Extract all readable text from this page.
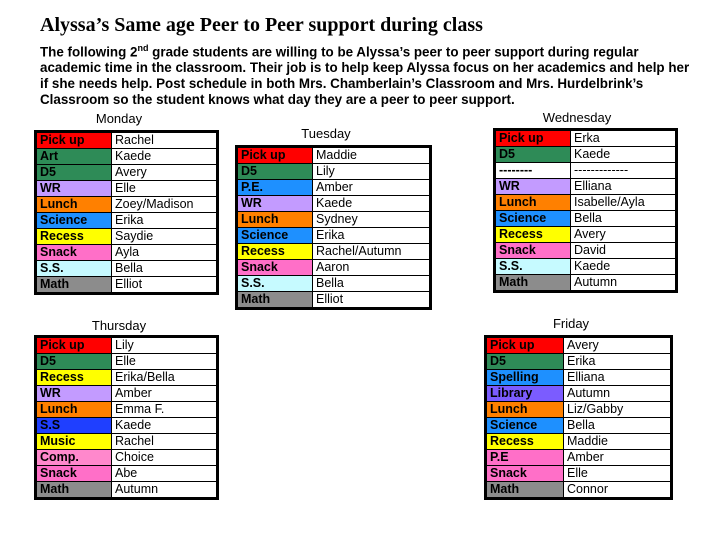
Alyssa’s Same age Peer to Peer support during class
The following 2nd grade students are willing to be Alyssa’s peer to peer support during regular academic time in the classroom. Their job is to help keep Alyssa focus on her academics and help her if she needs help. Post schedule in both Mrs. Chamberlain’s Classroom and Mrs. Hurdelbrink’s Classroom so the student knows what day they are a peer to peer support.
Monday
Pick up	Rachel
Art	Kaede
D5	Avery
WR	Elle
Lunch	Zoey/Madison
Science	Erika
Recess	Saydie
Snack	Ayla
S.S.	Bella
Math	Elliot
Tuesday
Pick up	Maddie
D5	Lily
P.E.	Amber
WR	Kaede
Lunch	Sydney
Science	Erika
Recess	Rachel/Autumn
Snack	Aaron
S.S.	Bella
Math	Elliot
Wednesday
Pick up	Erka
D5	Kaede
--------	-------------
WR	Elliana
Lunch	Isabelle/Ayla
Science	Bella
Recess	Avery
Snack	David
S.S.	Kaede
Math	Autumn
Thursday
Pick up	Lily
D5	Elle
Recess	Erika/Bella
WR	Amber
Lunch	Emma F.
S.S	Kaede
Music	Rachel
Comp.	Choice
Snack	Abe
Math	Autumn
Friday
Pick up	Avery
D5	Erika
Spelling	Elliana
Library	Autumn
Lunch	Liz/Gabby
Science	Bella
Recess	Maddie
P.E	Amber
Snack	Elle
Math	Connor
